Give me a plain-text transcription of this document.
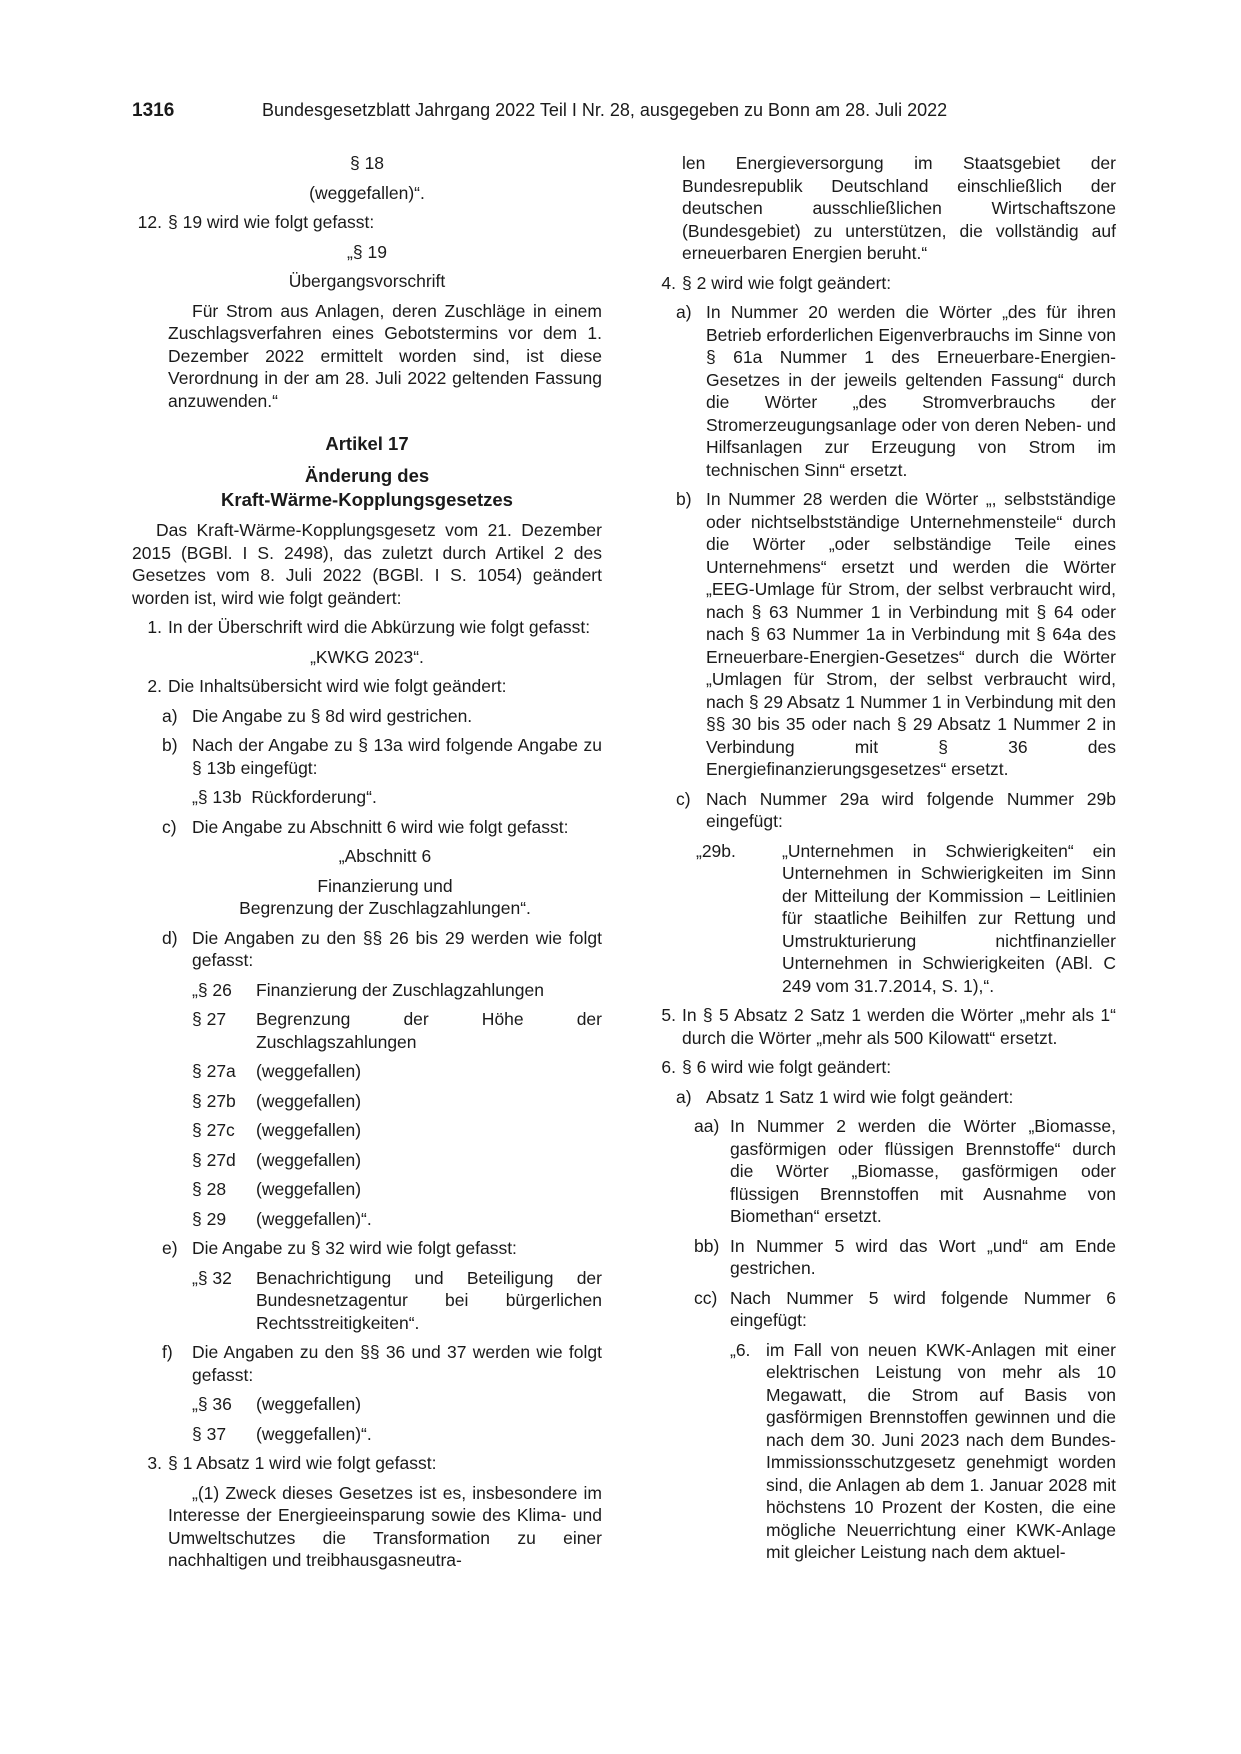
1316	Bundesgesetzblatt Jahrgang 2022 Teil I Nr. 28, ausgegeben zu Bonn am 28. Juli 2022

§ 18

(weggefallen)“.

12. § 19 wird wie folgt gefasst:

„§ 19

Übergangsvorschrift

Für Strom aus Anlagen, deren Zuschläge in einem Zuschlagsverfahren eines Gebotstermins vor dem 1. Dezember 2022 ermittelt worden sind, ist diese Verordnung in der am 28. Juli 2022 geltenden Fassung anzuwenden.“

Artikel 17

Änderung des

Kraft-Wärme-Kopplungsgesetzes

Das Kraft-Wärme-Kopplungsgesetz vom 21. Dezember 2015 (BGBl. I S. 2498), das zuletzt durch Artikel 2 des Gesetzes vom 8. Juli 2022 (BGBl. I S. 1054) geändert worden ist, wird wie folgt geändert:

1. In der Überschrift wird die Abkürzung wie folgt gefasst:

„KWKG 2023“.

2. Die Inhaltsübersicht wird wie folgt geändert:

a) Die Angabe zu § 8d wird gestrichen.

b) Nach der Angabe zu § 13a wird folgende Angabe zu § 13b eingefügt:

„§ 13b  Rückforderung“.

c) Die Angabe zu Abschnitt 6 wird wie folgt gefasst:

„Abschnitt 6

Finanzierung und

Begrenzung der Zuschlagzahlungen“.

d) Die Angaben zu den §§ 26 bis 29 werden wie folgt gefasst:

„§ 26 Finanzierung der Zuschlagzahlungen

§ 27 Begrenzung der Höhe der Zuschlagszahlungen

§ 27a (weggefallen)

§ 27b (weggefallen)

§ 27c (weggefallen)

§ 27d (weggefallen)

§ 28 (weggefallen)

§ 29 (weggefallen)“.

e) Die Angabe zu § 32 wird wie folgt gefasst:

„§ 32 Benachrichtigung und Beteiligung der Bundesnetzagentur bei bürgerlichen Rechtsstreitigkeiten“.

f) Die Angaben zu den §§ 36 und 37 werden wie folgt gefasst:

„§ 36 (weggefallen)

§ 37 (weggefallen)“.

3. § 1 Absatz 1 wird wie folgt gefasst:

„(1) Zweck dieses Gesetzes ist es, insbesondere im Interesse der Energieeinsparung sowie des Klima- und Umweltschutzes die Transformation zu einer nachhaltigen und treibhausgasneutra-

len Energieversorgung im Staatsgebiet der Bundesrepublik Deutschland einschließlich der deutschen ausschließlichen Wirtschaftszone (Bundesgebiet) zu unterstützen, die vollständig auf erneuerbaren Energien beruht.“

4. § 2 wird wie folgt geändert:

a) In Nummer 20 werden die Wörter „des für ihren Betrieb erforderlichen Eigenverbrauchs im Sinne von § 61a Nummer 1 des Erneuerbare-Energien-Gesetzes in der jeweils geltenden Fassung“ durch die Wörter „des Stromverbrauchs der Stromerzeugungsanlage oder von deren Neben- und Hilfsanlagen zur Erzeugung von Strom im technischen Sinn“ ersetzt.

b) In Nummer 28 werden die Wörter „, selbstständige oder nichtselbstständige Unternehmensteile“ durch die Wörter „oder selbständige Teile eines Unternehmens“ ersetzt und werden die Wörter „EEG-Umlage für Strom, der selbst verbraucht wird, nach § 63 Nummer 1 in Verbindung mit § 64 oder nach § 63 Nummer 1a in Verbindung mit § 64a des Erneuerbare-Energien-Gesetzes“ durch die Wörter „Umlagen für Strom, der selbst verbraucht wird, nach § 29 Absatz 1 Nummer 1 in Verbindung mit den §§ 30 bis 35 oder nach § 29 Absatz 1 Nummer 2 in Verbindung mit § 36 des Energiefinanzierungsgesetzes“ ersetzt.

c) Nach Nummer 29a wird folgende Nummer 29b eingefügt:

„29b.	„Unternehmen in Schwierigkeiten“ ein Unternehmen in Schwierigkeiten im Sinn der Mitteilung der Kommission – Leitlinien für staatliche Beihilfen zur Rettung und Umstrukturierung nichtfinanzieller Unternehmen in Schwierigkeiten (ABl. C 249 vom 31.7.2014, S. 1),“.

5. In § 5 Absatz 2 Satz 1 werden die Wörter „mehr als 1“ durch die Wörter „mehr als 500 Kilowatt“ ersetzt.

6. § 6 wird wie folgt geändert:

a) Absatz 1 Satz 1 wird wie folgt geändert:

aa) In Nummer 2 werden die Wörter „Biomasse, gasförmigen oder flüssigen Brennstoffe“ durch die Wörter „Biomasse, gasförmigen oder flüssigen Brennstoffen mit Ausnahme von Biomethan“ ersetzt.

bb) In Nummer 5 wird das Wort „und“ am Ende gestrichen.

cc) Nach Nummer 5 wird folgende Nummer 6 eingefügt:

„6. im Fall von neuen KWK-Anlagen mit einer elektrischen Leistung von mehr als 10 Megawatt, die Strom auf Basis von gasförmigen Brennstoffen gewinnen und die nach dem 30. Juni 2023 nach dem Bundes-Immissionsschutzgesetz genehmigt worden sind, die Anlagen ab dem 1. Januar 2028 mit höchstens 10 Prozent der Kosten, die eine mögliche Neuerrichtung einer KWK-Anlage mit gleicher Leistung nach dem aktuel-
